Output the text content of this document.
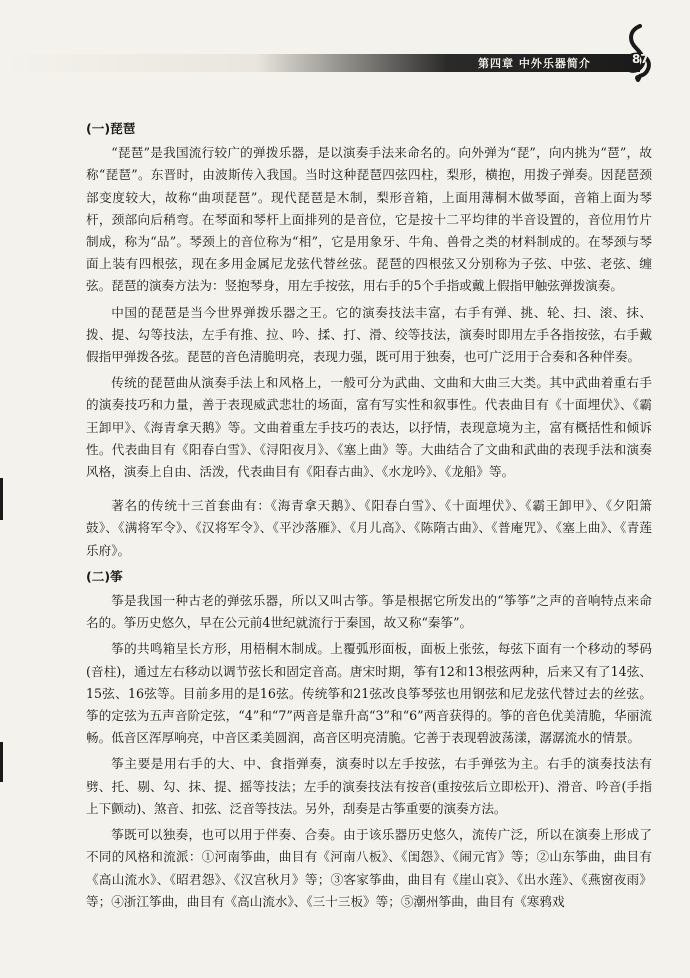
第四章 中外乐器简介	87
(一)琵琶

“琵琶”是我国流行较广的弹拨乐器，是以演奏手法来命名的。向外弹为“琵”，向内挑为“琶”，故称“琵琶”。东晋时，由波斯传入我国。当时这种琵琶四弦四柱，梨形，横抱，用拨子弹奏。因琵琶颈部变度较大，故称“曲项琵琶”。现代琵琶是木制，梨形音箱，上面用薄桐木做琴面，音箱上面为琴杆，颈部向后稍弯。在琴面和琴杆上面排列的是音位，它是按十二平均律的半音设置的，音位用竹片制成，称为“品”。琴颈上的音位称为“相”，它是用象牙、牛角、兽骨之类的材料制成的。在琴颈与琴面上装有四根弦，现在多用金属尼龙弦代替丝弦。琵琶的四根弦又分别称为子弦、中弦、老弦、缠弦。琵琶的演奏方法为：竖抱琴身，用左手按弦，用右手的5个手指或戴上假指甲触弦弹拨演奏。

中国的琵琶是当今世界弹拨乐器之王。它的演奏技法丰富，右手有弹、挑、轮、扫、滚、抹、拨、提、勾等技法，左手有推、拉、吟、揉、打、滑、绞等技法，演奏时即用左手各指按弦，右手戴假指甲弹拨各弦。琵琶的音色清脆明亮，表现力强，既可用于独奏，也可广泛用于合奏和各种伴奏。

传统的琵琶曲从演奏手法上和风格上，一般可分为武曲、文曲和大曲三大类。其中武曲着重右手的演奏技巧和力量，善于表现威武悲壮的场面，富有写实性和叙事性。代表曲目有《十面埋伏》、《霸王卸甲》、《海青拿天鹅》等。文曲着重左手技巧的表达，以抒情，表现意境为主，富有概括性和倾诉性。代表曲目有《阳春白雪》、《浔阳夜月》、《塞上曲》等。大曲结合了文曲和武曲的表现手法和演奏风格，演奏上自由、活泼，代表曲目有《阳春古曲》、《水龙吟》、《龙船》等。

著名的传统十三首套曲有：《海青拿天鹅》、《阳春白雪》、《十面埋伏》、《霸王卸甲》、《夕阳箫鼓》、《满将军令》、《汉将军令》、《平沙落雁》、《月儿高》、《陈隋古曲》、《普庵咒》、《塞上曲》、《青莲乐府》。

(二)筝

筝是我国一种古老的弹弦乐器，所以又叫古筝。筝是根据它所发出的“筝筝”之声的音响特点来命名的。筝历史悠久，早在公元前4世纪就流行于秦国，故又称“秦筝”。

筝的共鸣箱呈长方形，用梧桐木制成。上覆弧形面板，面板上张弦，每弦下面有一个移动的琴码(音柱)，通过左右移动以调节弦长和固定音高。唐宋时期，筝有12和13根弦两种，后来又有了14弦、15弦、16弦等。目前多用的是16弦。传统筝和21弦改良筝琴弦也用钢弦和尼龙弦代替过去的丝弦。筝的定弦为五声音阶定弦，“4”和“7”两音是靠升高“3”和“6”两音获得的。筝的音色优美清脆，华丽流畅。低音区浑厚响亮，中音区柔美圆润，高音区明亮清脆。它善于表现碧波荡漾，潺潺流水的情景。

筝主要是用右手的大、中、食指弹奏，演奏时以左手按弦，右手弹弦为主。右手的演奏技法有劈、托、剔、勾、抹、提、摇等技法；左手的演奏技法有按音(重按弦后立即松开)、滑音、吟音(手指上下颤动)、煞音、扣弦、泛音等技法。另外，刮奏是古筝重要的演奏方法。

筝既可以独奏，也可以用于伴奏、合奏。由于该乐器历史悠久，流传广泛，所以在演奏上形成了不同的风格和流派：①河南筝曲，曲目有《河南八板》、《闺怨》、《闹元宵》等；②山东筝曲，曲目有《高山流水》、《昭君怨》、《汉宫秋月》等；③客家筝曲，曲目有《崖山哀》、《出水莲》、《燕窗夜雨》等；④浙江筝曲，曲目有《高山流水》、《三十三板》等；⑤潮州筝曲，曲目有《寒鸦戏
